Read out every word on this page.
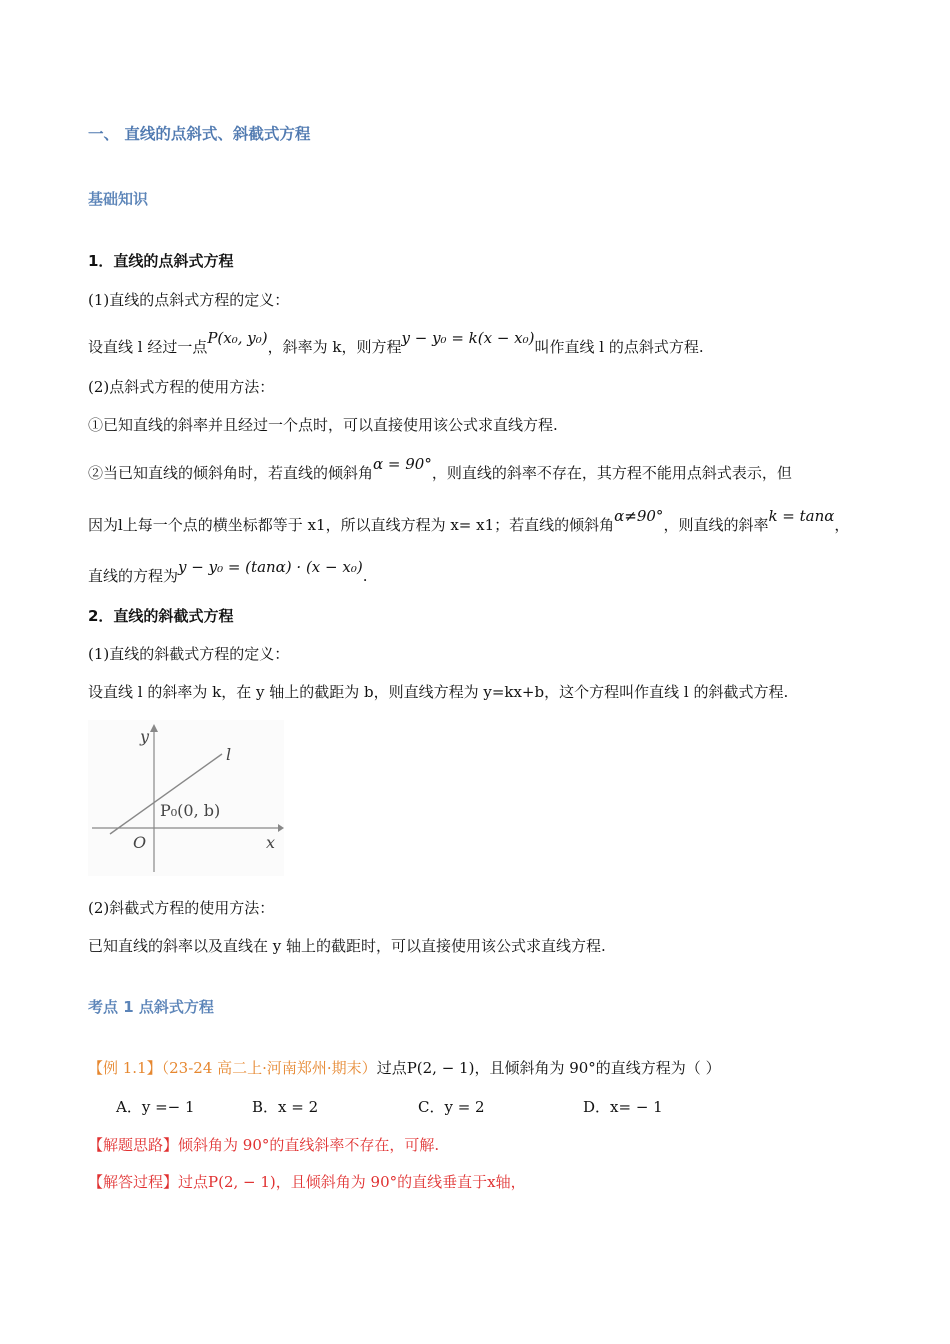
一、 直线的点斜式、斜截式方程
基础知识
1．直线的点斜式方程
(1)直线的点斜式方程的定义：
设直线 l 经过一点P(x₀, y₀)，斜率为 k，则方程y − y₀ = k(x − x₀)叫作直线 l 的点斜式方程.
(2)点斜式方程的使用方法：
①已知直线的斜率并且经过一个点时，可以直接使用该公式求直线方程.
②当已知直线的倾斜角时，若直线的倾斜角α = 90°，则直线的斜率不存在，其方程不能用点斜式表示，但
因为l上每一个点的横坐标都等于 x1，所以直线方程为 x= x1；若直线的倾斜角α≠90°，则直线的斜率k = tanα，
直线的方程为y − y₀ = (tanα) · (x − x₀).
2．直线的斜截式方程
(1)直线的斜截式方程的定义：
设直线 l 的斜率为 k，在 y 轴上的截距为 b，则直线方程为 y=kx+b，这个方程叫作直线 l 的斜截式方程.
y
x
O
l
P₀(0, b)
(2)斜截式方程的使用方法：
已知直线的斜率以及直线在 y 轴上的截距时，可以直接使用该公式求直线方程.
考点 1 点斜式方程
【例 1.1】（23-24 高二上·河南郑州·期末）过点P(2, − 1)，且倾斜角为 90°的直线方程为（ ）
A．y =− 1	B．x = 2	C．y = 2	D．x= − 1
【解题思路】倾斜角为 90°的直线斜率不存在，可解.
【解答过程】过点P(2, − 1)，且倾斜角为 90°的直线垂直于x轴，
